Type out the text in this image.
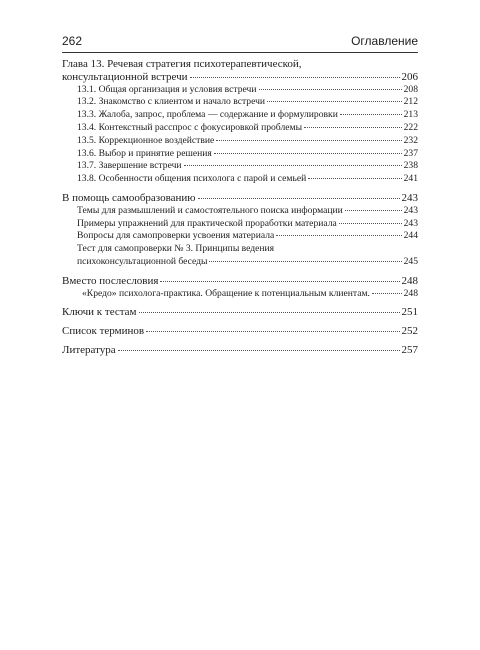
262	Оглавление
Глава 13. Речевая стратегия психотерапевтической,
консультационной встречи	206
13.1. Общая организация и условия встречи	208
13.2. Знакомство с клиентом и начало встречи	212
13.3. Жалоба, запрос, проблема — содержание и формулировки	213
13.4. Контекстный расспрос с фокусировкой проблемы	222
13.5. Коррекционное воздействие	232
13.6. Выбор и принятие решения	237
13.7. Завершение встречи	238
13.8. Особенности общения психолога с парой и семьей	241
В помощь самообразованию	243
Темы для размышлений и самостоятельного поиска информации	243
Примеры упражнений для практической проработки материала	243
Вопросы для самопроверки усвоения материала	244
Тест для самопроверки № 3. Принципы ведения
психоконсультационной беседы	245
Вместо послесловия	248
«Кредо» психолога-практика. Обращение к потенциальным клиентам.	248
Ключи к тестам	251
Список терминов	252
Литература	257
